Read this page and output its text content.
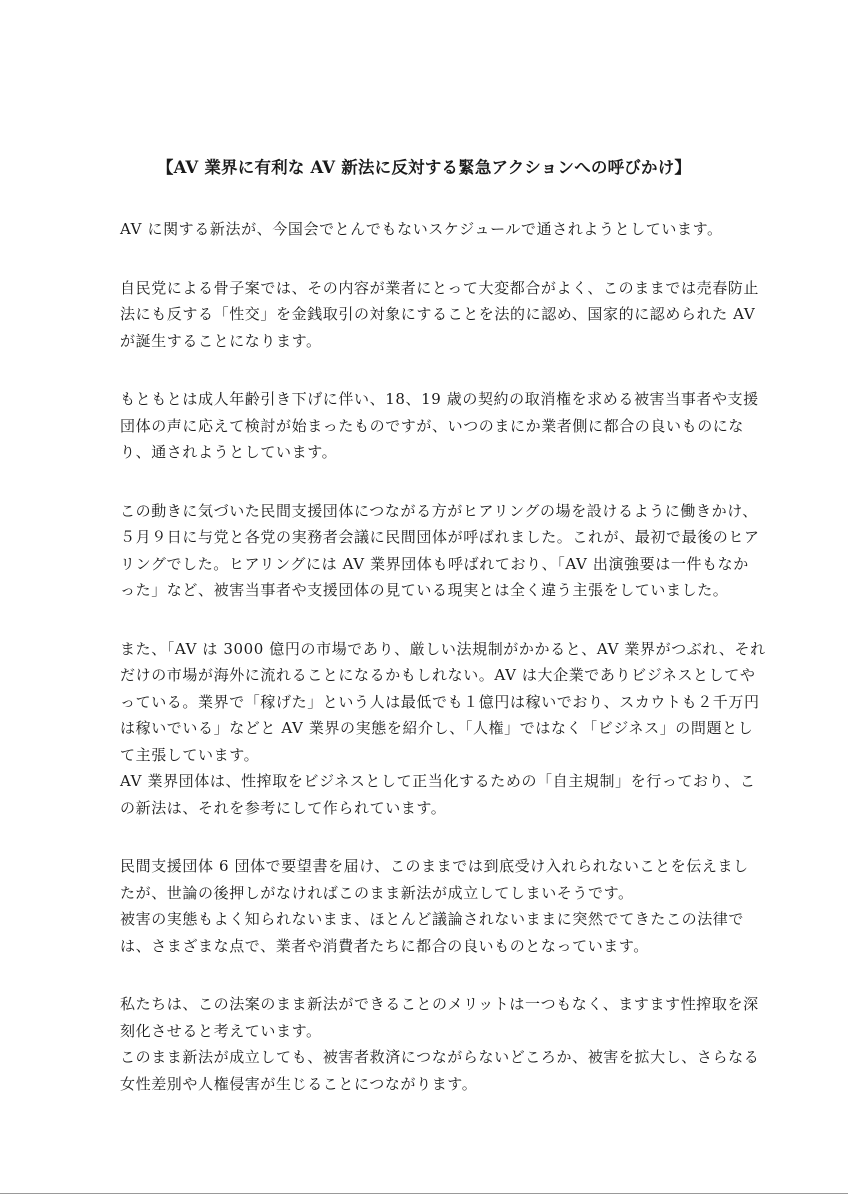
【AV 業界に有利な AV 新法に反対する緊急アクションへの呼びかけ】

AV に関する新法が、今国会でとんでもないスケジュールで通されようとしています。

自民党による骨子案では、その内容が業者にとって大変都合がよく、このままでは売春防止
法にも反する「性交」を金銭取引の対象にすることを法的に認め、国家的に認められた AV
が誕生することになります。

もともとは成人年齢引き下げに伴い、18、19 歳の契約の取消権を求める被害当事者や支援
団体の声に応えて検討が始まったものですが、いつのまにか業者側に都合の良いものにな
り、通されようとしています。

この動きに気づいた民間支援団体につながる方がヒアリングの場を設けるように働きかけ、
５月９日に与党と各党の実務者会議に民間団体が呼ばれました。これが、最初で最後のヒア
リングでした。ヒアリングには AV 業界団体も呼ばれており、「AV 出演強要は一件もなか
った」など、被害当事者や支援団体の見ている現実とは全く違う主張をしていました。

また、「AV は 3000 億円の市場であり、厳しい法規制がかかると、AV 業界がつぶれ、それ
だけの市場が海外に流れることになるかもしれない。AV は大企業でありビジネスとしてや
っている。業界で「稼げた」という人は最低でも１億円は稼いでおり、スカウトも２千万円
は稼いでいる」などと AV 業界の実態を紹介し、「人権」ではなく「ビジネス」の問題とし
て主張しています。
AV 業界団体は、性搾取をビジネスとして正当化するための「自主規制」を行っており、こ
の新法は、それを参考にして作られています。

民間支援団体 6 団体で要望書を届け、このままでは到底受け入れられないことを伝えまし
たが、世論の後押しがなければこのまま新法が成立してしまいそうです。
被害の実態もよく知られないまま、ほとんど議論されないままに突然でてきたこの法律で
は、さまざまな点で、業者や消費者たちに都合の良いものとなっています。

私たちは、この法案のまま新法ができることのメリットは一つもなく、ますます性搾取を深
刻化させると考えています。
このまま新法が成立しても、被害者救済につながらないどころか、被害を拡大し、さらなる
女性差別や人権侵害が生じることにつながります。
